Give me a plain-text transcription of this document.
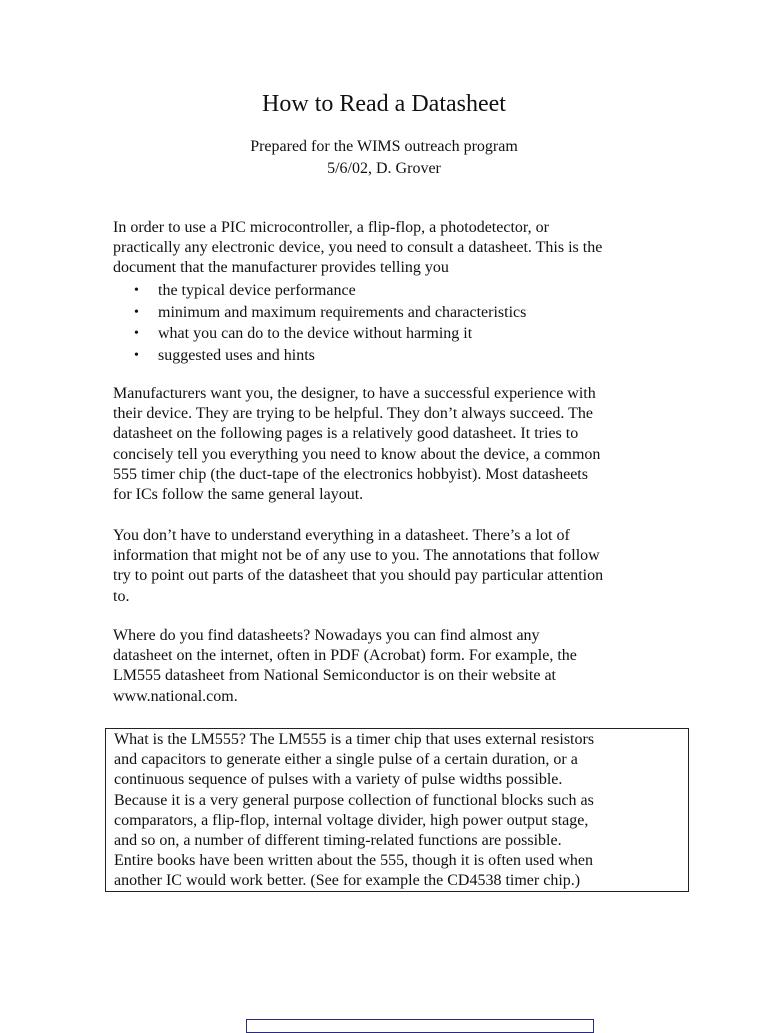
How to Read a Datasheet
Prepared for the WIMS outreach program
5/6/02, D. Grover
In order to use a PIC microcontroller, a flip-flop, a photodetector, or
practically any electronic device, you need to consult a datasheet. This is the
document that the manufacturer provides telling you
• the typical device performance
• minimum and maximum requirements and characteristics
• what you can do to the device without harming it
• suggested uses and hints
Manufacturers want you, the designer, to have a successful experience with
their device. They are trying to be helpful. They don’t always succeed. The
datasheet on the following pages is a relatively good datasheet. It tries to
concisely tell you everything you need to know about the device, a common
555 timer chip (the duct-tape of the electronics hobbyist). Most datasheets
for ICs follow the same general layout.
You don’t have to understand everything in a datasheet. There’s a lot of
information that might not be of any use to you. The annotations that follow
try to point out parts of the datasheet that you should pay particular attention
to.
Where do you find datasheets? Nowadays you can find almost any
datasheet on the internet, often in PDF (Acrobat) form. For example, the
LM555 datasheet from National Semiconductor is on their website at
www.national.com.
What is the LM555? The LM555 is a timer chip that uses external resistors
and capacitors to generate either a single pulse of a certain duration, or a
continuous sequence of pulses with a variety of pulse widths possible.
Because it is a very general purpose collection of functional blocks such as
comparators, a flip-flop, internal voltage divider, high power output stage,
and so on, a number of different timing-related functions are possible.
Entire books have been written about the 555, though it is often used when
another IC would work better. (See for example the CD4538 timer chip.)
